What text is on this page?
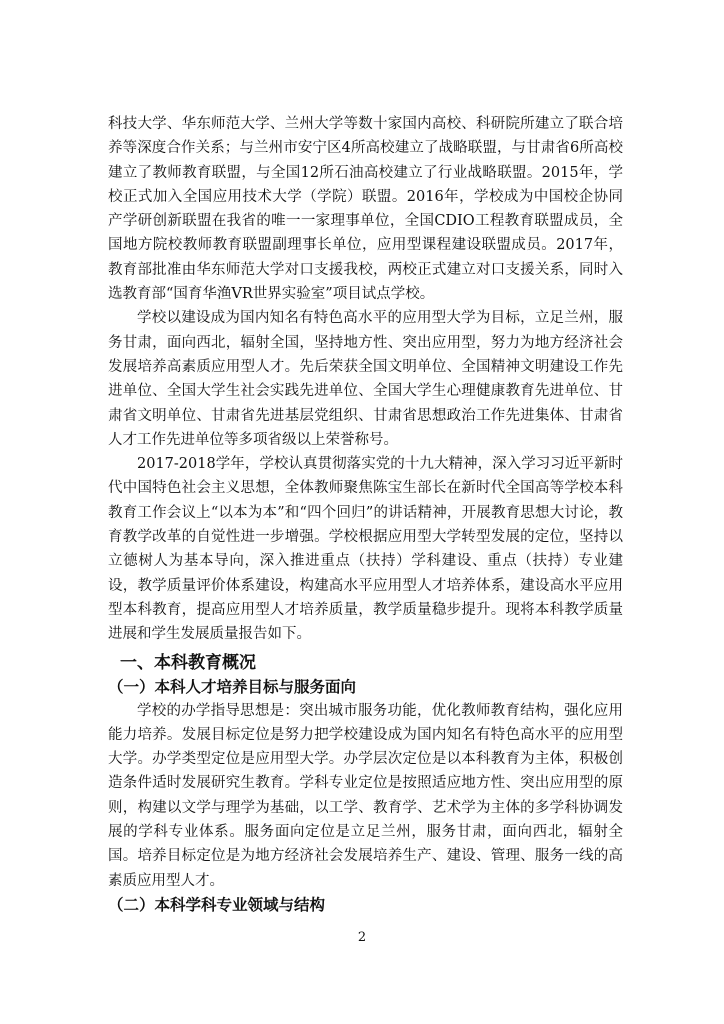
科技大学、华东师范大学、兰州大学等数十家国内高校、科研院所建立了联合培养等深度合作关系；与兰州市安宁区4所高校建立了战略联盟，与甘肃省6所高校建立了教师教育联盟，与全国12所石油高校建立了行业战略联盟。2015年，学校正式加入全国应用技术大学（学院）联盟。2016年，学校成为中国校企协同产学研创新联盟在我省的唯一一家理事单位，全国CDIO工程教育联盟成员，全国地方院校教师教育联盟副理事长单位，应用型课程建设联盟成员。2017年，教育部批准由华东师范大学对口支援我校，两校正式建立对口支援关系，同时入选教育部“国育华渔VR世界实验室”项目试点学校。

学校以建设成为国内知名有特色高水平的应用型大学为目标，立足兰州，服务甘肃，面向西北，辐射全国，坚持地方性、突出应用型，努力为地方经济社会发展培养高素质应用型人才。先后荣获全国文明单位、全国精神文明建设工作先进单位、全国大学生社会实践先进单位、全国大学生心理健康教育先进单位、甘肃省文明单位、甘肃省先进基层党组织、甘肃省思想政治工作先进集体、甘肃省人才工作先进单位等多项省级以上荣誉称号。

2017-2018学年，学校认真贯彻落实党的十九大精神，深入学习习近平新时代中国特色社会主义思想，全体教师聚焦陈宝生部长在新时代全国高等学校本科教育工作会议上“以本为本”和“四个回归”的讲话精神，开展教育思想大讨论，教育教学改革的自觉性进一步增强。学校根据应用型大学转型发展的定位，坚持以立德树人为基本导向，深入推进重点（扶持）学科建设、重点（扶持）专业建设，教学质量评价体系建设，构建高水平应用型人才培养体系，建设高水平应用型本科教育，提高应用型人才培养质量，教学质量稳步提升。现将本科教学质量进展和学生发展质量报告如下。

一、本科教育概况
（一）本科人才培养目标与服务面向

学校的办学指导思想是：突出城市服务功能，优化教师教育结构，强化应用能力培养。发展目标定位是努力把学校建设成为国内知名有特色高水平的应用型大学。办学类型定位是应用型大学。办学层次定位是以本科教育为主体，积极创造条件适时发展研究生教育。学科专业定位是按照适应地方性、突出应用型的原则，构建以文学与理学为基础，以工学、教育学、艺术学为主体的多学科协调发展的学科专业体系。服务面向定位是立足兰州，服务甘肃，面向西北，辐射全国。培养目标定位是为地方经济社会发展培养生产、建设、管理、服务一线的高素质应用型人才。

（二）本科学科专业领域与结构
2
